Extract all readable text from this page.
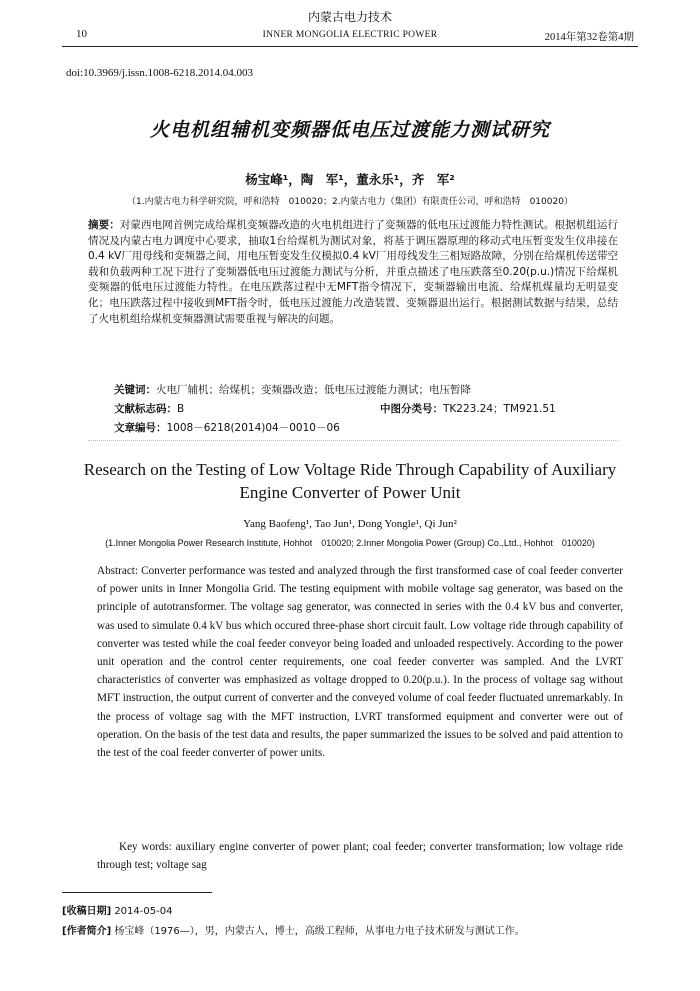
内蒙古电力技术
10	INNER MONGOLIA ELECTRIC POWER	2014年第32卷第4期
doi:10.3969/j.issn.1008-6218.2014.04.003
火电机组辅机变频器低电压过渡能力测试研究
杨宝峰¹，陶　军¹，董永乐¹，齐　军²
（1.内蒙古电力科学研究院，呼和浩特　010020；2.内蒙古电力（集团）有限责任公司，呼和浩特　010020）
摘要：对蒙西电网首例完成给煤机变频器改造的火电机组进行了变频器的低电压过渡能力特性测试。根据机组运行情况及内蒙古电力调度中心要求，抽取1台给煤机为测试对象，将基于调压器原理的移动式电压暂变发生仪串接在0.4 kV厂用母线和变频器之间，用电压暂变发生仪模拟0.4 kV厂用母线发生三相短路故障，分别在给煤机传送带空载和负载两种工况下进行了变频器低电压过渡能力测试与分析，并重点描述了电压跌落至0.20(p.u.)情况下给煤机变频器的低电压过渡能力特性。在电压跌落过程中无MFT指令情况下，变频器输出电流、给煤机煤量均无明显变化；电压跌落过程中接收到MFT指令时，低电压过渡能力改造装置、变频器退出运行。根据测试数据与结果，总结了火电机组给煤机变频器测试需要重视与解决的问题。
关键词：火电厂辅机；给煤机；变频器改造；低电压过渡能力测试；电压暂降
文献标志码：B	中图分类号：TK223.24；TM921.51
文章编号：1008－6218(2014)04－0010－06
Research on the Testing of Low Voltage Ride Through Capability of Auxiliary Engine Converter of Power Unit
Yang Baofeng¹, Tao Jun¹, Dong Yongle¹, Qi Jun²
(1.Inner Mongolia Power Research Institute, Hohhot　010020; 2.Inner Mongolia Power (Group) Co.,Ltd., Hohhot　010020)
Abstract: Converter performance was tested and analyzed through the first transformed case of coal feeder converter of power units in Inner Mongolia Grid. The testing equipment with mobile voltage sag generator, was based on the principle of autotransformer. The voltage sag generator, was connected in series with the 0.4 kV bus and converter, was used to simulate 0.4 kV bus which occured three-phase short circuit fault. Low voltage ride through capability of converter was tested while the coal feeder conveyor being loaded and unloaded respectively. According to the power unit operation and the control center requirements, one coal feeder converter was sampled. And the LVRT characteristics of converter was emphasized as voltage dropped to 0.20(p.u.). In the process of voltage sag without MFT instruction, the output current of converter and the conveyed volume of coal feeder fluctuated unremarkably. In the process of voltage sag with the MFT instruction, LVRT transformed equipment and converter were out of operation. On the basis of the test data and results, the paper summarized the issues to be solved and paid attention to the test of the coal feeder converter of power units.
Key words: auxiliary engine converter of power plant; coal feeder; converter transformation; low voltage ride through test; voltage sag
[收稿日期] 2014-05-04
[作者简介] 杨宝峰（1976—），男，内蒙古人，博士，高级工程师，从事电力电子技术研发与测试工作。
